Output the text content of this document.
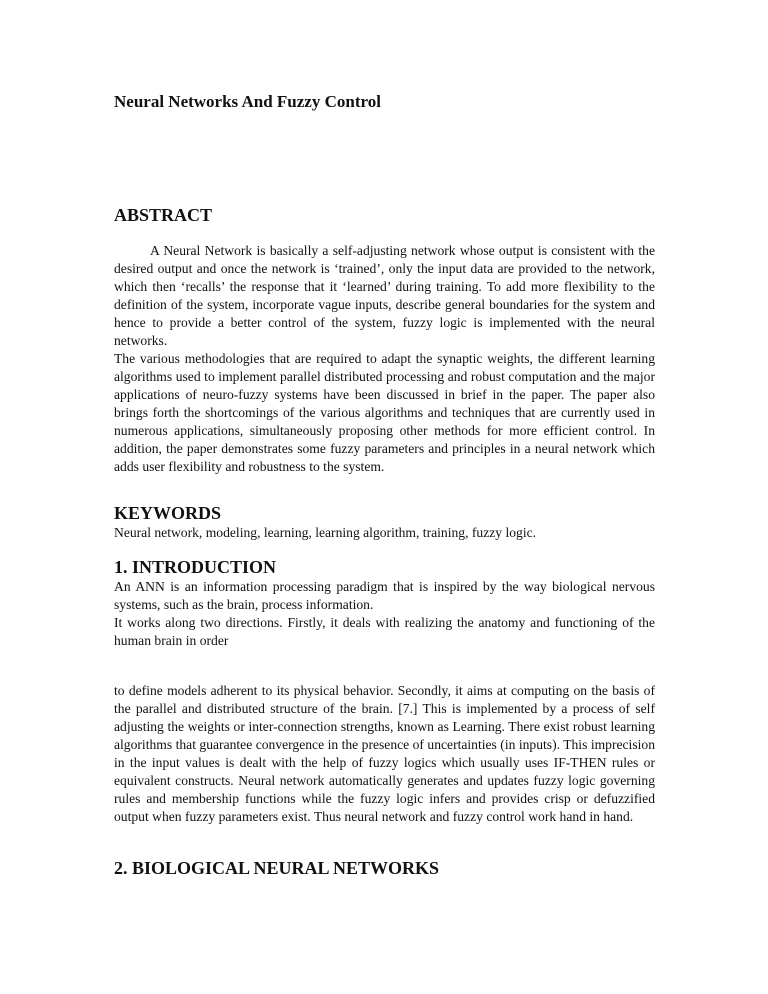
Neural Networks And Fuzzy Control
ABSTRACT

A Neural Network is basically a self-adjusting network whose output is consistent with the desired output and once the network is ‘trained’, only the input data are provided to the network, which then ‘recalls’ the response that it ‘learned’ during training. To add more flexibility to the definition of the system, incorporate vague inputs, describe general boundaries for the system and hence to provide a better control of the system, fuzzy logic is implemented with the neural networks.

The various methodologies that are required to adapt the synaptic weights, the different learning algorithms used to implement parallel distributed processing and robust computation and the major applications of neuro-fuzzy systems have been discussed in brief in the paper. The paper also brings forth the shortcomings of the various algorithms and techniques that are currently used in numerous applications, simultaneously proposing other methods for more efficient control. In addition, the paper demonstrates some fuzzy parameters and principles in a neural network which adds user flexibility and robustness to the system.

KEYWORDS

Neural network, modeling, learning, learning algorithm, training, fuzzy logic.

1. INTRODUCTION

An ANN is an information processing paradigm that is inspired by the way biological nervous systems, such as the brain, process information.

It works along two directions. Firstly, it deals with realizing the anatomy and functioning of the human brain in order

to define models adherent to its physical behavior. Secondly, it aims at computing on the basis of the parallel and distributed structure of the brain. [7.] This is implemented by a process of self adjusting the weights or inter-connection strengths, known as Learning. There exist robust learning algorithms that guarantee convergence in the presence of uncertainties (in inputs). This imprecision in the input values is dealt with the help of fuzzy logics which usually uses IF-THEN rules or equivalent constructs. Neural network automatically generates and updates fuzzy logic governing rules and membership functions while the fuzzy logic infers and provides crisp or defuzzified output when fuzzy parameters exist. Thus neural network and fuzzy control work hand in hand.

2. BIOLOGICAL NEURAL NETWORKS
